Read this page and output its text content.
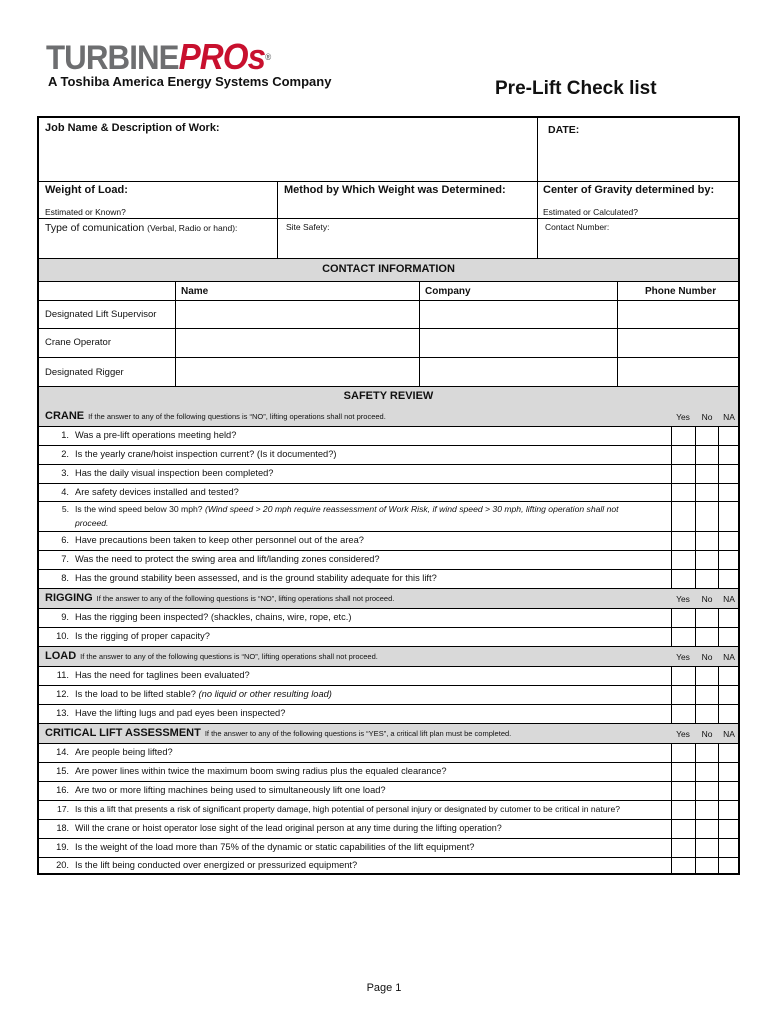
TURBINEPROs®
A Toshiba America Energy Systems Company	Pre-Lift Check list
Job Name & Description of Work:	DATE:
Weight of Load:
Estimated or Known?
Method by Which Weight was Determined:	Center of Gravity determined by:
Estimated or Calculated?
Type of comunication (Verbal, Radio or hand):	Site Safety:	Contact Number:
CONTACT INFORMATION
Name	Company	Phone Number
Designated Lift Supervisor
Crane Operator
Designated Rigger
SAFETY REVIEW
CRANE If the answer to any of the following questions is “NO”, lifting operations shall not proceed.	Yes	No	NA
1. Was a pre-lift operations meeting held?
2. Is the yearly crane/hoist inspection current? (Is it documented?)
3. Has the daily visual inspection been completed?
4. Are safety devices installed and tested?
5. Is the wind speed below 30 mph? (Wind speed > 20 mph require reassessment of Work Risk, if wind speed > 30 mph, lifting operation shall not
proceed.
6. Have precautions been taken to keep other personnel out of the area?
7. Was the need to protect the swing area and lift/landing zones considered?
8. Has the ground stability been assessed, and is the ground stability adequate for this lift?
RIGGING If the answer to any of the following questions is “NO”, lifting operations shall not proceed.	Yes	No	NA
9. Has the rigging been inspected? (shackles, chains, wire, rope, etc.)
10. Is the rigging of proper capacity?
LOAD If the answer to any of the following questions is “NO”, lifting operations shall not proceed.	Yes	No	NA
11. Has the need for taglines been evaluated?
12. Is the load to be lifted stable? (no liquid or other resulting load)
13. Have the lifting lugs and pad eyes been inspected?
CRITICAL LIFT ASSESSMENT If the answer to any of the following questions is “YES”, a critical lift plan must be completed.	Yes	No	NA
14. Are people being lifted?
15. Are power lines within twice the maximum boom swing radius plus the equaled clearance?
16. Are two or more lifting machines being used to simultaneously lift one load?
17. Is this a lift that presents a risk of significant property damage, high potential of personal injury or designated by cutomer to be critical in nature?
18. Will the crane or hoist operator lose sight of the lead original person at any time during the lifting operation?
19. Is the weight of the load more than 75% of the dynamic or static capabilities of the lift equipment?
20. Is the lift being conducted over energized or pressurized equipment?
Page 1
